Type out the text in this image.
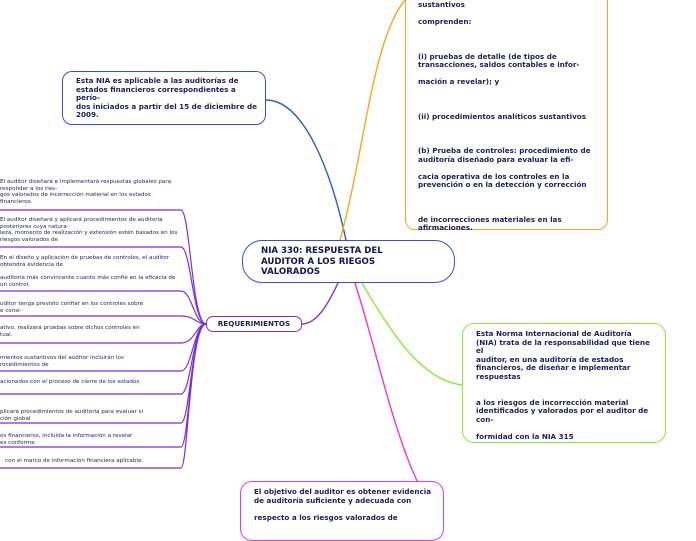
sustantivos

comprenden:

(i) pruebas de detalle (de tipos de
transacciones, saldos contables e infor-

mación a revelar); y

(ii) procedimientos analíticos sustantivos

(b) Prueba de controles: procedimiento de
auditoría diseñado para evaluar la efi-

cacia operativa de los controles en la
prevención o en la detección y corrección

de incorrecciones materiales en las
afirmaciones.

Esta NIA es aplicable a las auditorías de
estados financieros correspondientes a
perío-
dos iniciados a partir del 15 de diciembre de
2009.

NIA 330: RESPUESTA DEL
AUDITOR A LOS RIEGOS
VALORADOS

Esta Norma Internacional de Auditoría
(NIA) trata de la responsabilidad que tiene
el
auditor, en una auditoría de estados
financieros, de diseñar e implementar
respuestas

a los riesgos de incorrección material
identificados y valorados por el auditor de
con-

formidad con la NIA 315

El objetivo del auditor es obtener evidencia
de auditoría suficiente y adecuada con

respecto a los riesgos valorados de

REQUERIMIENTOS
El auditor diseñará e implementará respuestas globales para
responder a los ries-
gos valorados de incorrección material en los estados
financieros.
El auditor diseñará y aplicará procedimientos de auditoría
posteriores cuya natura-
leza, momento de realización y extensión estén basados en los
riesgos valorados de
En el diseño y aplicación de pruebas de controles, el auditor
obtendrá evidencia de

auditoría más convincente cuanto más confíe en la eficacia de
un control.
uditor tenga previsto confiar en los controles sobre
e consi-
ativo, realizará pruebas sobre dichos controles en
tual.
mientos sustantivos del auditor incluirán los
rocedimientos de
acionados con el proceso de cierre de los estados
plicará procedimientos de auditoría para evaluar si
ción global
os financieros, incluida la información a revelar
es conforme
con el marco de información financiera aplicable.
